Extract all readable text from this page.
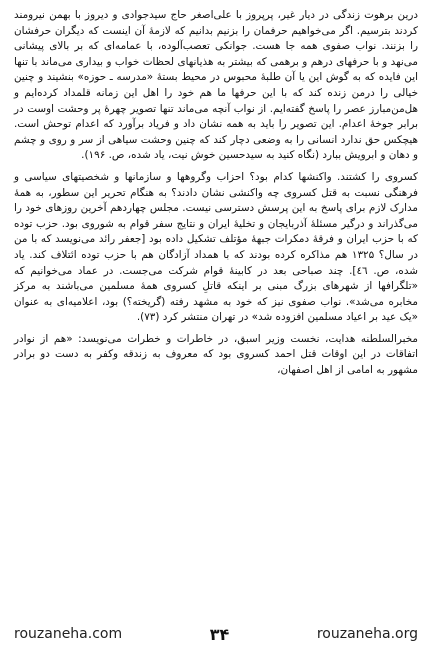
درین برهوت زندگی در دیار غیر، پرپروز با علی‌اصغر حاج سیدجوادی و دیروز با بهمن نیرومند کردند بترسیم. اگر می‌خواهیم حرفمان را بزنیم بدانیم که لازمهٔ آن اینست که دیگران حرفشان را بزنند. نواب صفوی همه جا هست. جوانکی تعصب‌آلوده، با عمامه‌ای که بر بالای پیشانی می‌نهد و با حرفهای درهم و برهمی که بیشتر به هذیانهای لحظات خواب و بیداری می‌ماند با تنها این فایده که به گوش این یا آن طلبهٔ محبوس در محیط بستهٔ «مدرسه ـ حوزه» بنشیند و چنین خیالی را درمن زنده کند که با این حرفها ما هم خود را اهل این زمانه قلمداد کرده‌ایم و هل‌من‌مبارز عصر را پاسخ گفته‌ایم. از نواب آنچه می‌ماند تنها تصویر چهرهٔ پر وحشت اوست در برابر جوخهٔ اعدام. این تصویر را باید به همه نشان داد و فریاد برآورد که اعدام توحش است. هیچکس حق ندارد انسانی را به وضعی دچار کند که چنین وحشت سیاهی از سر و روی و چشم و دهان و ابرویش ببارد (نگاه کنید به سیدحسین خوش نیت، یاد شده، ص. ۱۹۶).

کسروی را کشتند. واکنشها کدام بود؟ احزاب وگروهها و سازمانها و شخصیتهای سیاسی و فرهنگی نسبت به قتل کسروی چه واکنشی نشان دادند؟ به هنگام تحریر این سطور، به همهٔ مدارک لازم برای پاسخ به این پرسش دسترسی نیست. مجلس چهاردهم آخرین روزهای خود را می‌گذراند و درگیر مسئلهٔ آذربایجان و تخلیهٔ ایران و نتایج سفر قوام به شوروی بود. حزب توده که با حزب ایران و فرقهٔ دمکرات جبههٔ مؤتلف تشکیل داده بود [جعفر رائد می‌نویسد که با من در سال؟ ۱۳۲۵ هم مذاکره کرده بودند که با همداد آزادگان هم با حزب توده ائتلاف کند. یاد شده، ص. ٤٦]. چند صباحی بعد در کابینهٔ قوام شرکت می‌جست. در عماد می‌خوانیم که «تلگرافها از شهرهای بزرگ مبنی بر اینکه قاتلِ کسروی همهٔ مسلمین می‌باشند به مرکز مخابره می‌شد». نواب صفوی نیز که خود به مشهد رفته (گریخته؟) بود، اعلامیه‌ای به عنوان «یک عید بر اعیاد مسلمین افزوده شد» در تهران منتشر کرد (۷۳).

مخبرالسلطنه هدایت، نخست وزیر اسبق، در خاطرات و خطرات می‌نویسد: «هم از نوادر اتفاقات در این اوقات قتل احمد کسروی بود که معروف به زندقه وکفر به دست دو برادر مشهور به امامی از اهل اصفهان،

rouzaneha.com	۳۴	rouzaneha.org
